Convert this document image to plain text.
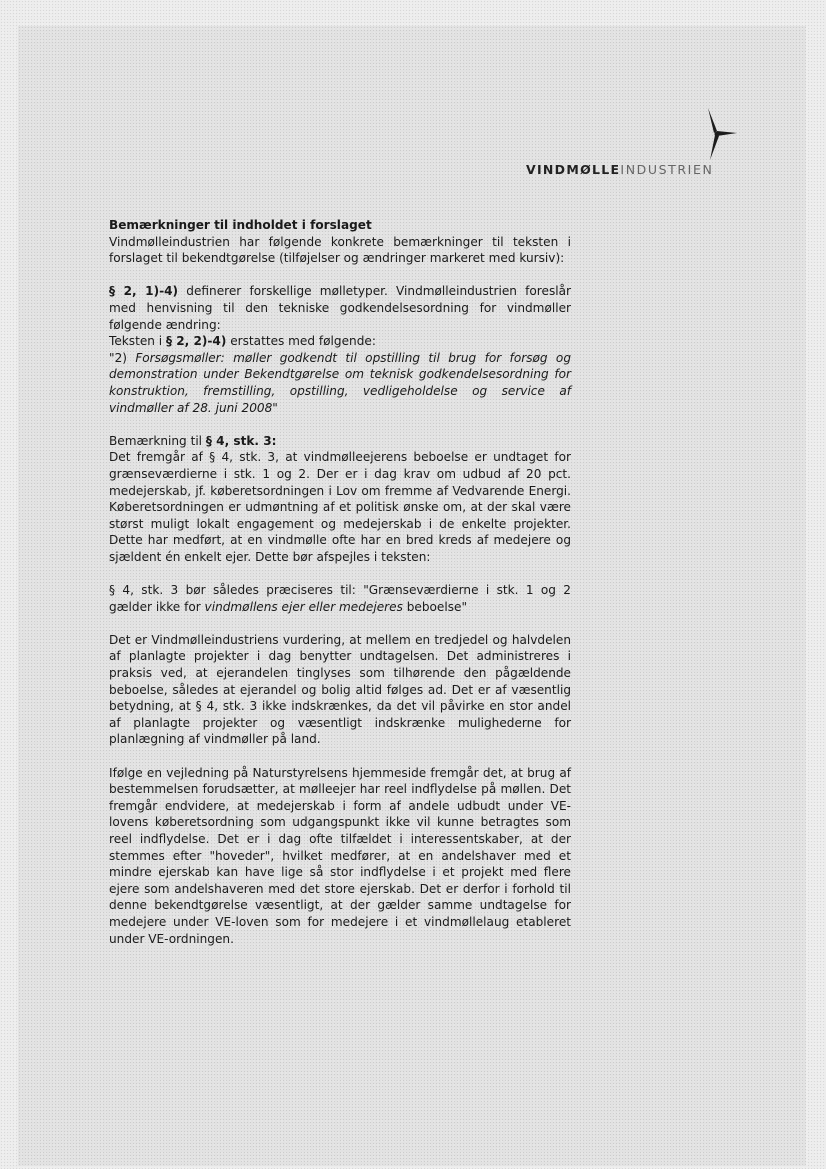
VINDMØLLEINDUSTRIEN

Bemærkninger til indholdet i forslaget
Vindmølleindustrien har følgende konkrete bemærkninger til teksten i forslaget til bekendtgørelse (tilføjelser og ændringer markeret med kursiv):

§ 2, 1)-4) definerer forskellige mølletyper. Vindmølleindustrien foreslår med henvisning til den tekniske godkendelsesordning for vindmøller følgende ændring:

Teksten i § 2, 2)-4) erstattes med følgende:

"2) Forsøgsmøller: møller godkendt til opstilling til brug for forsøg og demonstration under Bekendtgørelse om teknisk godkendelsesordning for konstruktion, fremstilling, opstilling, vedligeholdelse og service af vindmøller af 28. juni 2008"

Bemærkning til § 4, stk. 3:
Det fremgår af § 4, stk. 3, at vindmølleejerens beboelse er undtaget for grænseværdierne i stk. 1 og 2. Der er i dag krav om udbud af 20 pct. medejerskab, jf. køberetsordningen i Lov om fremme af Vedvarende Energi. Køberetsordningen er udmøntning af et politisk ønske om, at der skal være størst muligt lokalt engagement og medejerskab i de enkelte projekter. Dette har medført, at en vindmølle ofte har en bred kreds af medejere og sjældent én enkelt ejer. Dette bør afspejles i teksten:

§ 4, stk. 3 bør således præciseres til: "Grænseværdierne i stk. 1 og 2 gælder ikke for vindmøllens ejer eller medejeres beboelse"

Det er Vindmølleindustriens vurdering, at mellem en tredjedel og halvdelen af planlagte projekter i dag benytter undtagelsen. Det administreres i praksis ved, at ejerandelen tinglyses som tilhørende den pågældende beboelse, således at ejerandel og bolig altid følges ad. Det er af væsentlig betydning, at § 4, stk. 3 ikke indskrænkes, da det vil påvirke en stor andel af planlagte projekter og væsentligt indskrænke mulighederne for planlægning af vindmøller på land.

Ifølge en vejledning på Naturstyrelsens hjemmeside fremgår det, at brug af bestemmelsen forudsætter, at mølleejer har reel indflydelse på møllen. Det fremgår endvidere, at medejerskab i form af andele udbudt under VE-lovens køberetsordning som udgangspunkt ikke vil kunne betragtes som reel indflydelse. Det er i dag ofte tilfældet i interessentskaber, at der stemmes efter "hoveder", hvilket medfører, at en andelshaver med et mindre ejerskab kan have lige så stor indflydelse i et projekt med flere ejere som andelshaveren med det store ejerskab. Det er derfor i forhold til denne bekendtgørelse væsentligt, at der gælder samme undtagelse for medejere under VE-loven som for medejere i et vindmøllelaug etableret under VE-ordningen.
